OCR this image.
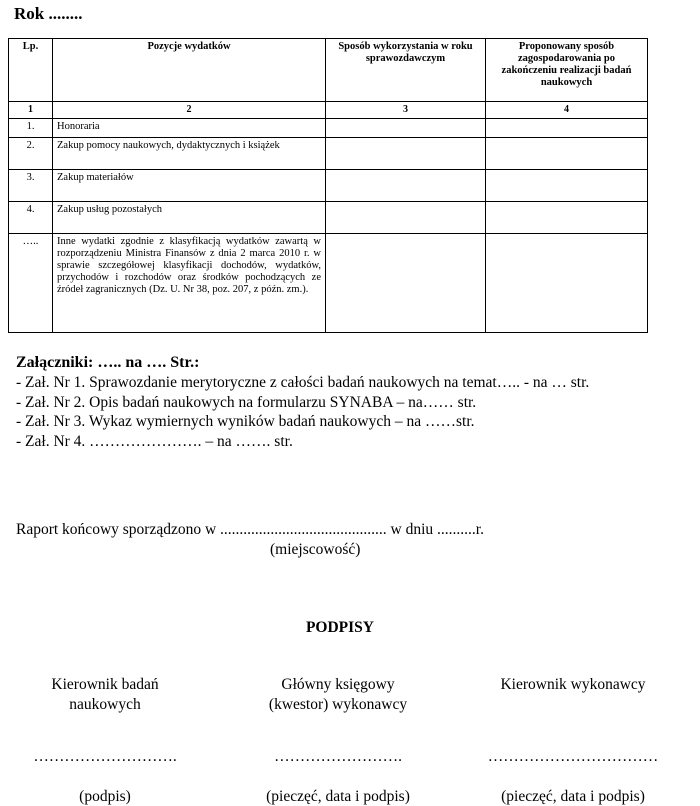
Rok ........
Lp.	Pozycje wydatków	Sposób wykorzystania w roku sprawozdawczym	Proponowany sposób zagospodarowania po zakończeniu realizacji badań naukowych
1	2	3	4
1.	Honoraria		
2.	Zakup pomocy naukowych, dydaktycznych i książek		
3.	Zakup materiałów		
4.	Zakup usług pozostałych		
…..	Inne wydatki zgodnie z klasyfikacją wydatków zawartą w rozporządzeniu Ministra Finansów z dnia 2 marca 2010 r. w sprawie szczegółowej klasyfikacji dochodów, wydatków, przychodów i rozchodów oraz środków pochodzących ze źródeł zagranicznych (Dz. U. Nr 38, poz. 207, z późn. zm.).		
Załączniki: ….. na …. Str.:
- Zał. Nr 1. Sprawozdanie merytoryczne z całości badań naukowych na temat….. - na … str.
- Zał. Nr 2. Opis badań naukowych na formularzu SYNABA – na…… str.
- Zał. Nr 3. Wykaz wymiernych wyników badań naukowych – na ……str.
- Zał. Nr 4. …………………. – na ……. str.
Raport końcowy sporządzono w ........................................... w dniu ..........r.
(miejscowość)
PODPISY
Kierownik badań
naukowych
……………………….
(podpis)
Główny księgowy
(kwestor) wykonawcy
…………………….
(pieczęć, data i podpis)
Kierownik wykonawcy
……………………………
(pieczęć, data i podpis)
